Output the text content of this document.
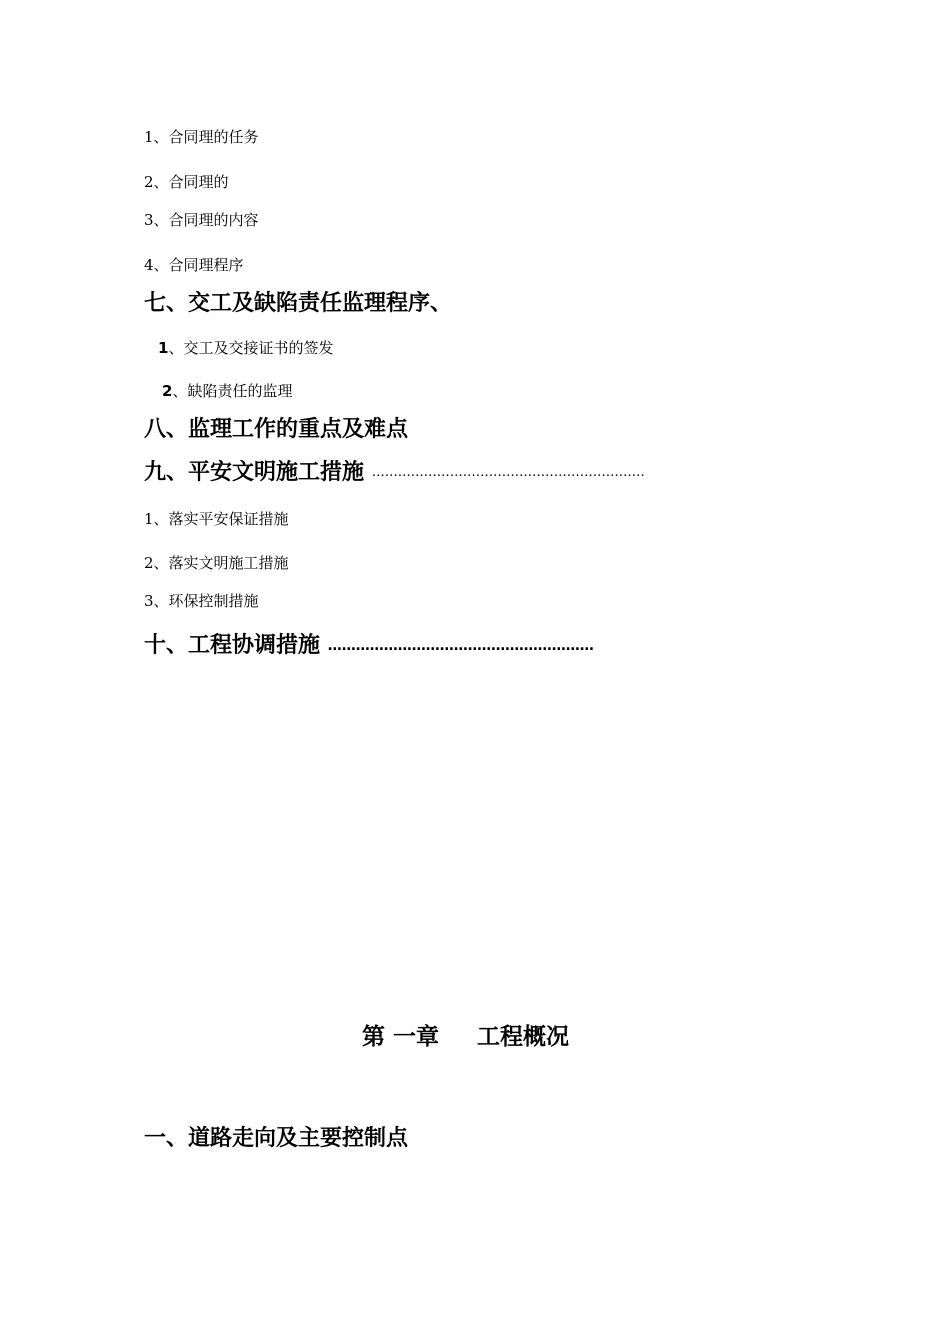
1、合同理的任务
2、合同理的
3、合同理的内容
4、合同理程序
七、交工及缺陷责任监理程序、
1、交工及交接证书的签发
2、缺陷责任的监理
八、监理工作的重点及难点
九、平安文明施工措施 ………………………………………………………
1、落实平安保证措施
2、落实文明施工措施
3、环保控制措施
十、工程协调措施 …………………………………………………
第 一章 工程概况
一、道路走向及主要控制点
